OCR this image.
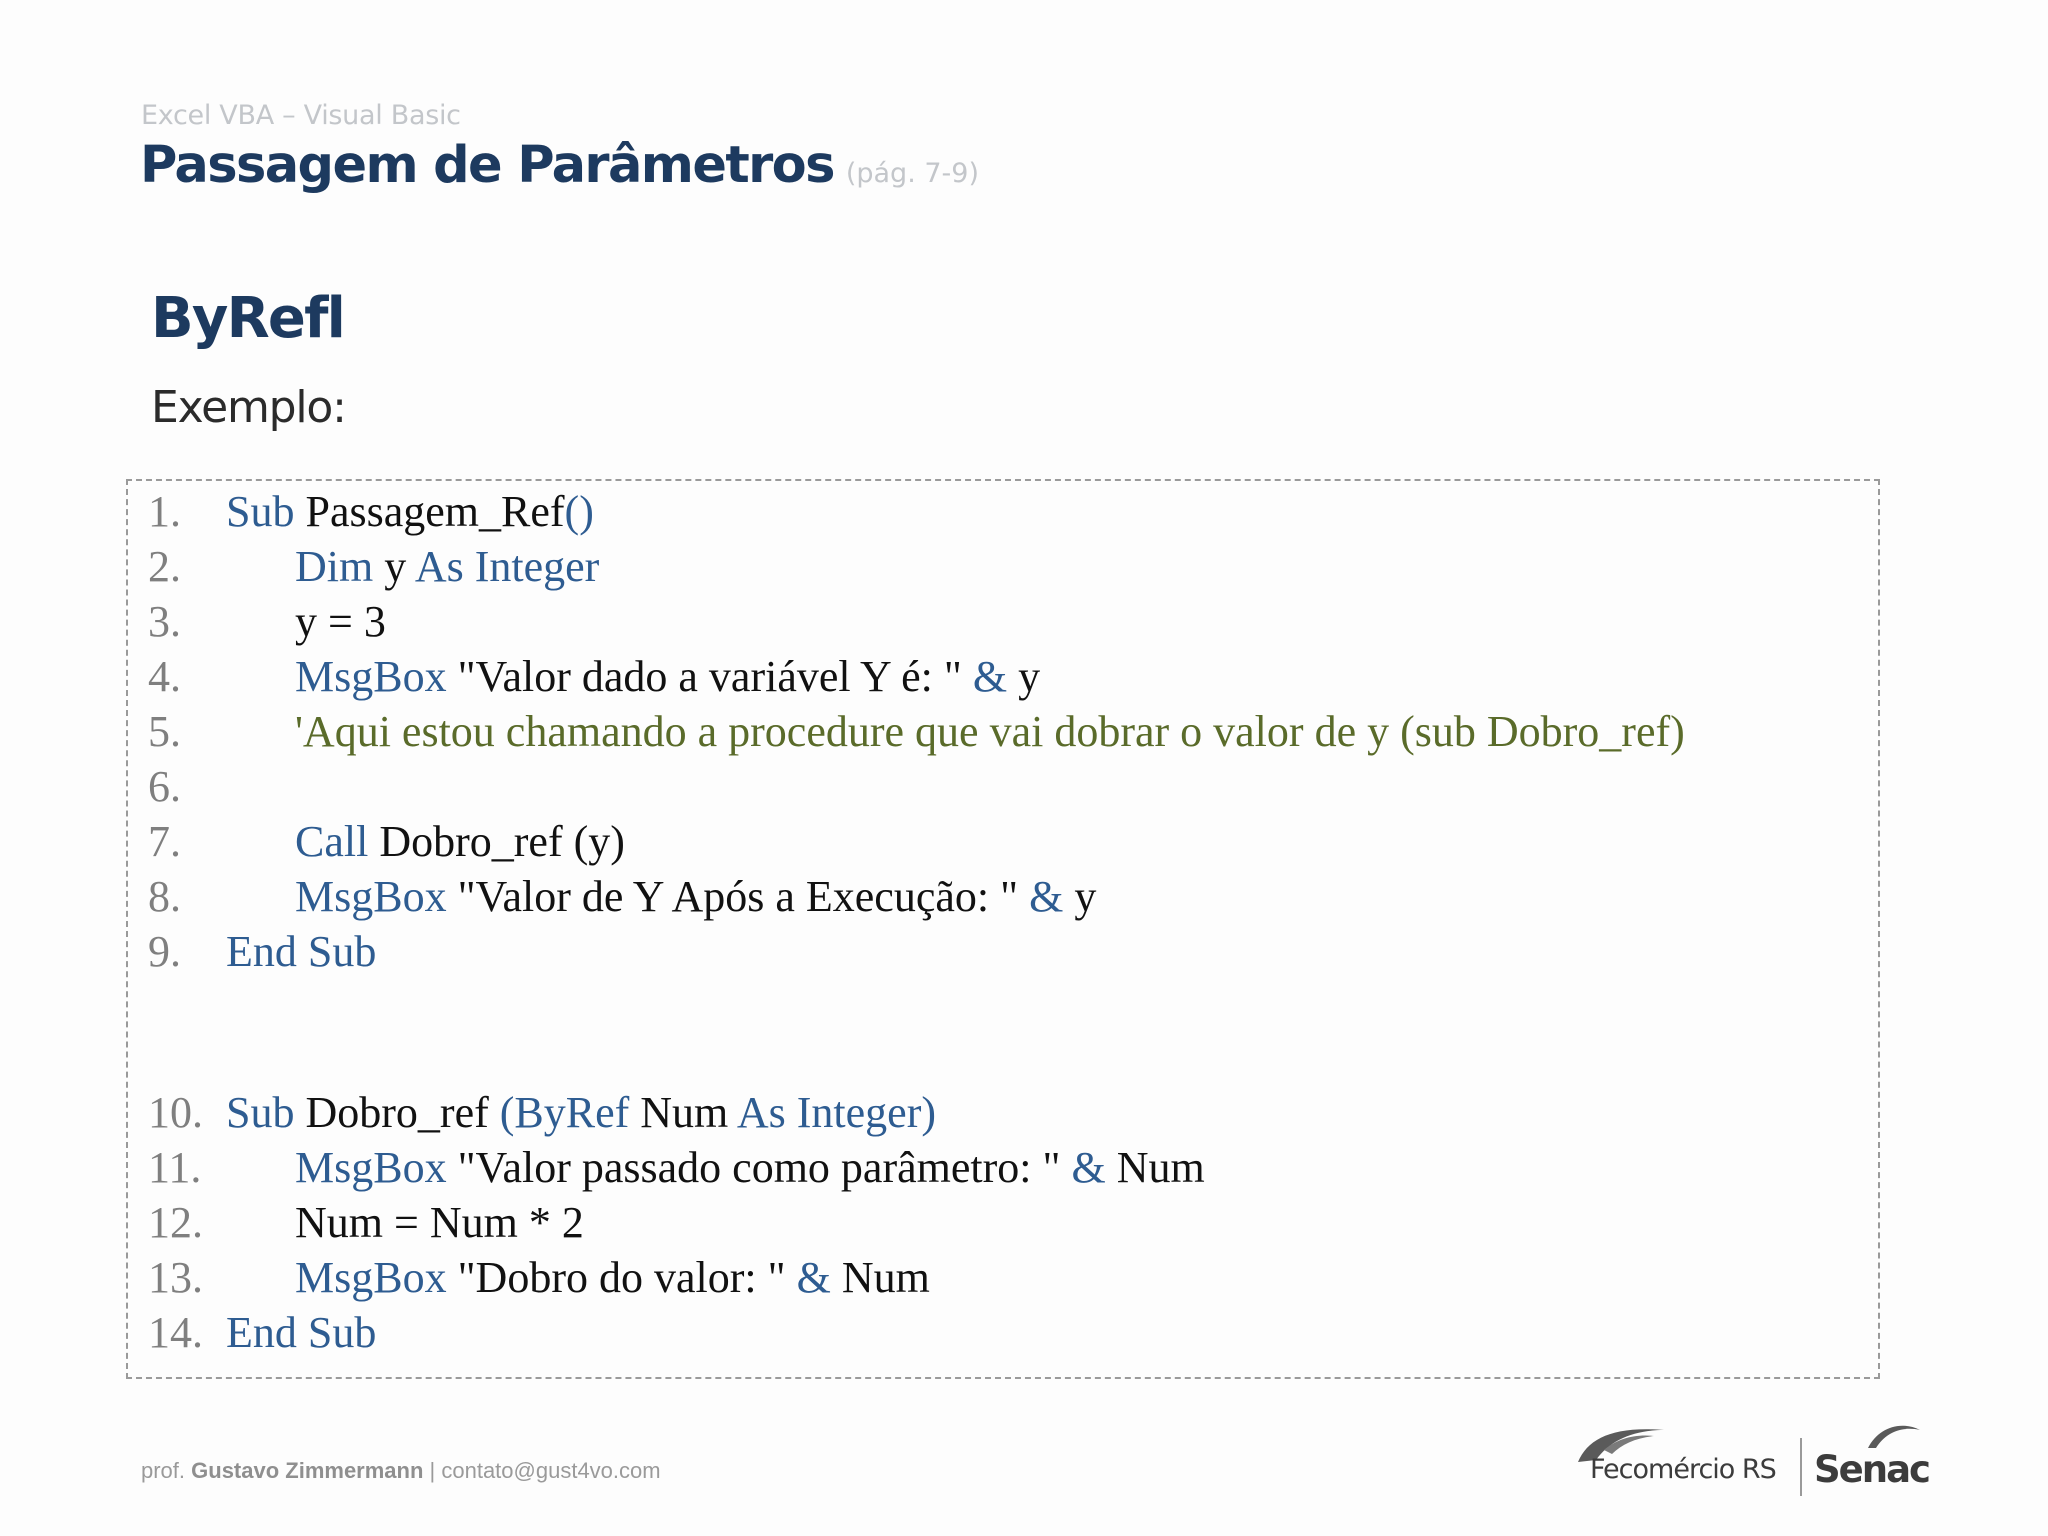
Excel VBA – Visual Basic
Passagem de Parâmetros (pág. 7-9)
ByRefl
Exemplo:
1. Sub Passagem_Ref()
2.	Dim y As Integer
3.	y = 3
4.	MsgBox "Valor dado a variável Y é: " & y
5.	'Aqui estou chamando a procedure que vai dobrar o valor de y (sub Dobro_ref)
6.
7.	Call Dobro_ref (y)
8.	MsgBox "Valor de Y Após a Execução: " & y
9. End Sub
10. Sub Dobro_ref (ByRef Num As Integer)
11. MsgBox "Valor passado como parâmetro: " & Num
12. Num = Num * 2
13. MsgBox "Dobro do valor: " & Num
14. End Sub
prof. Gustavo Zimmermann | contato@gust4vo.com	Fecomércio RS Senac
